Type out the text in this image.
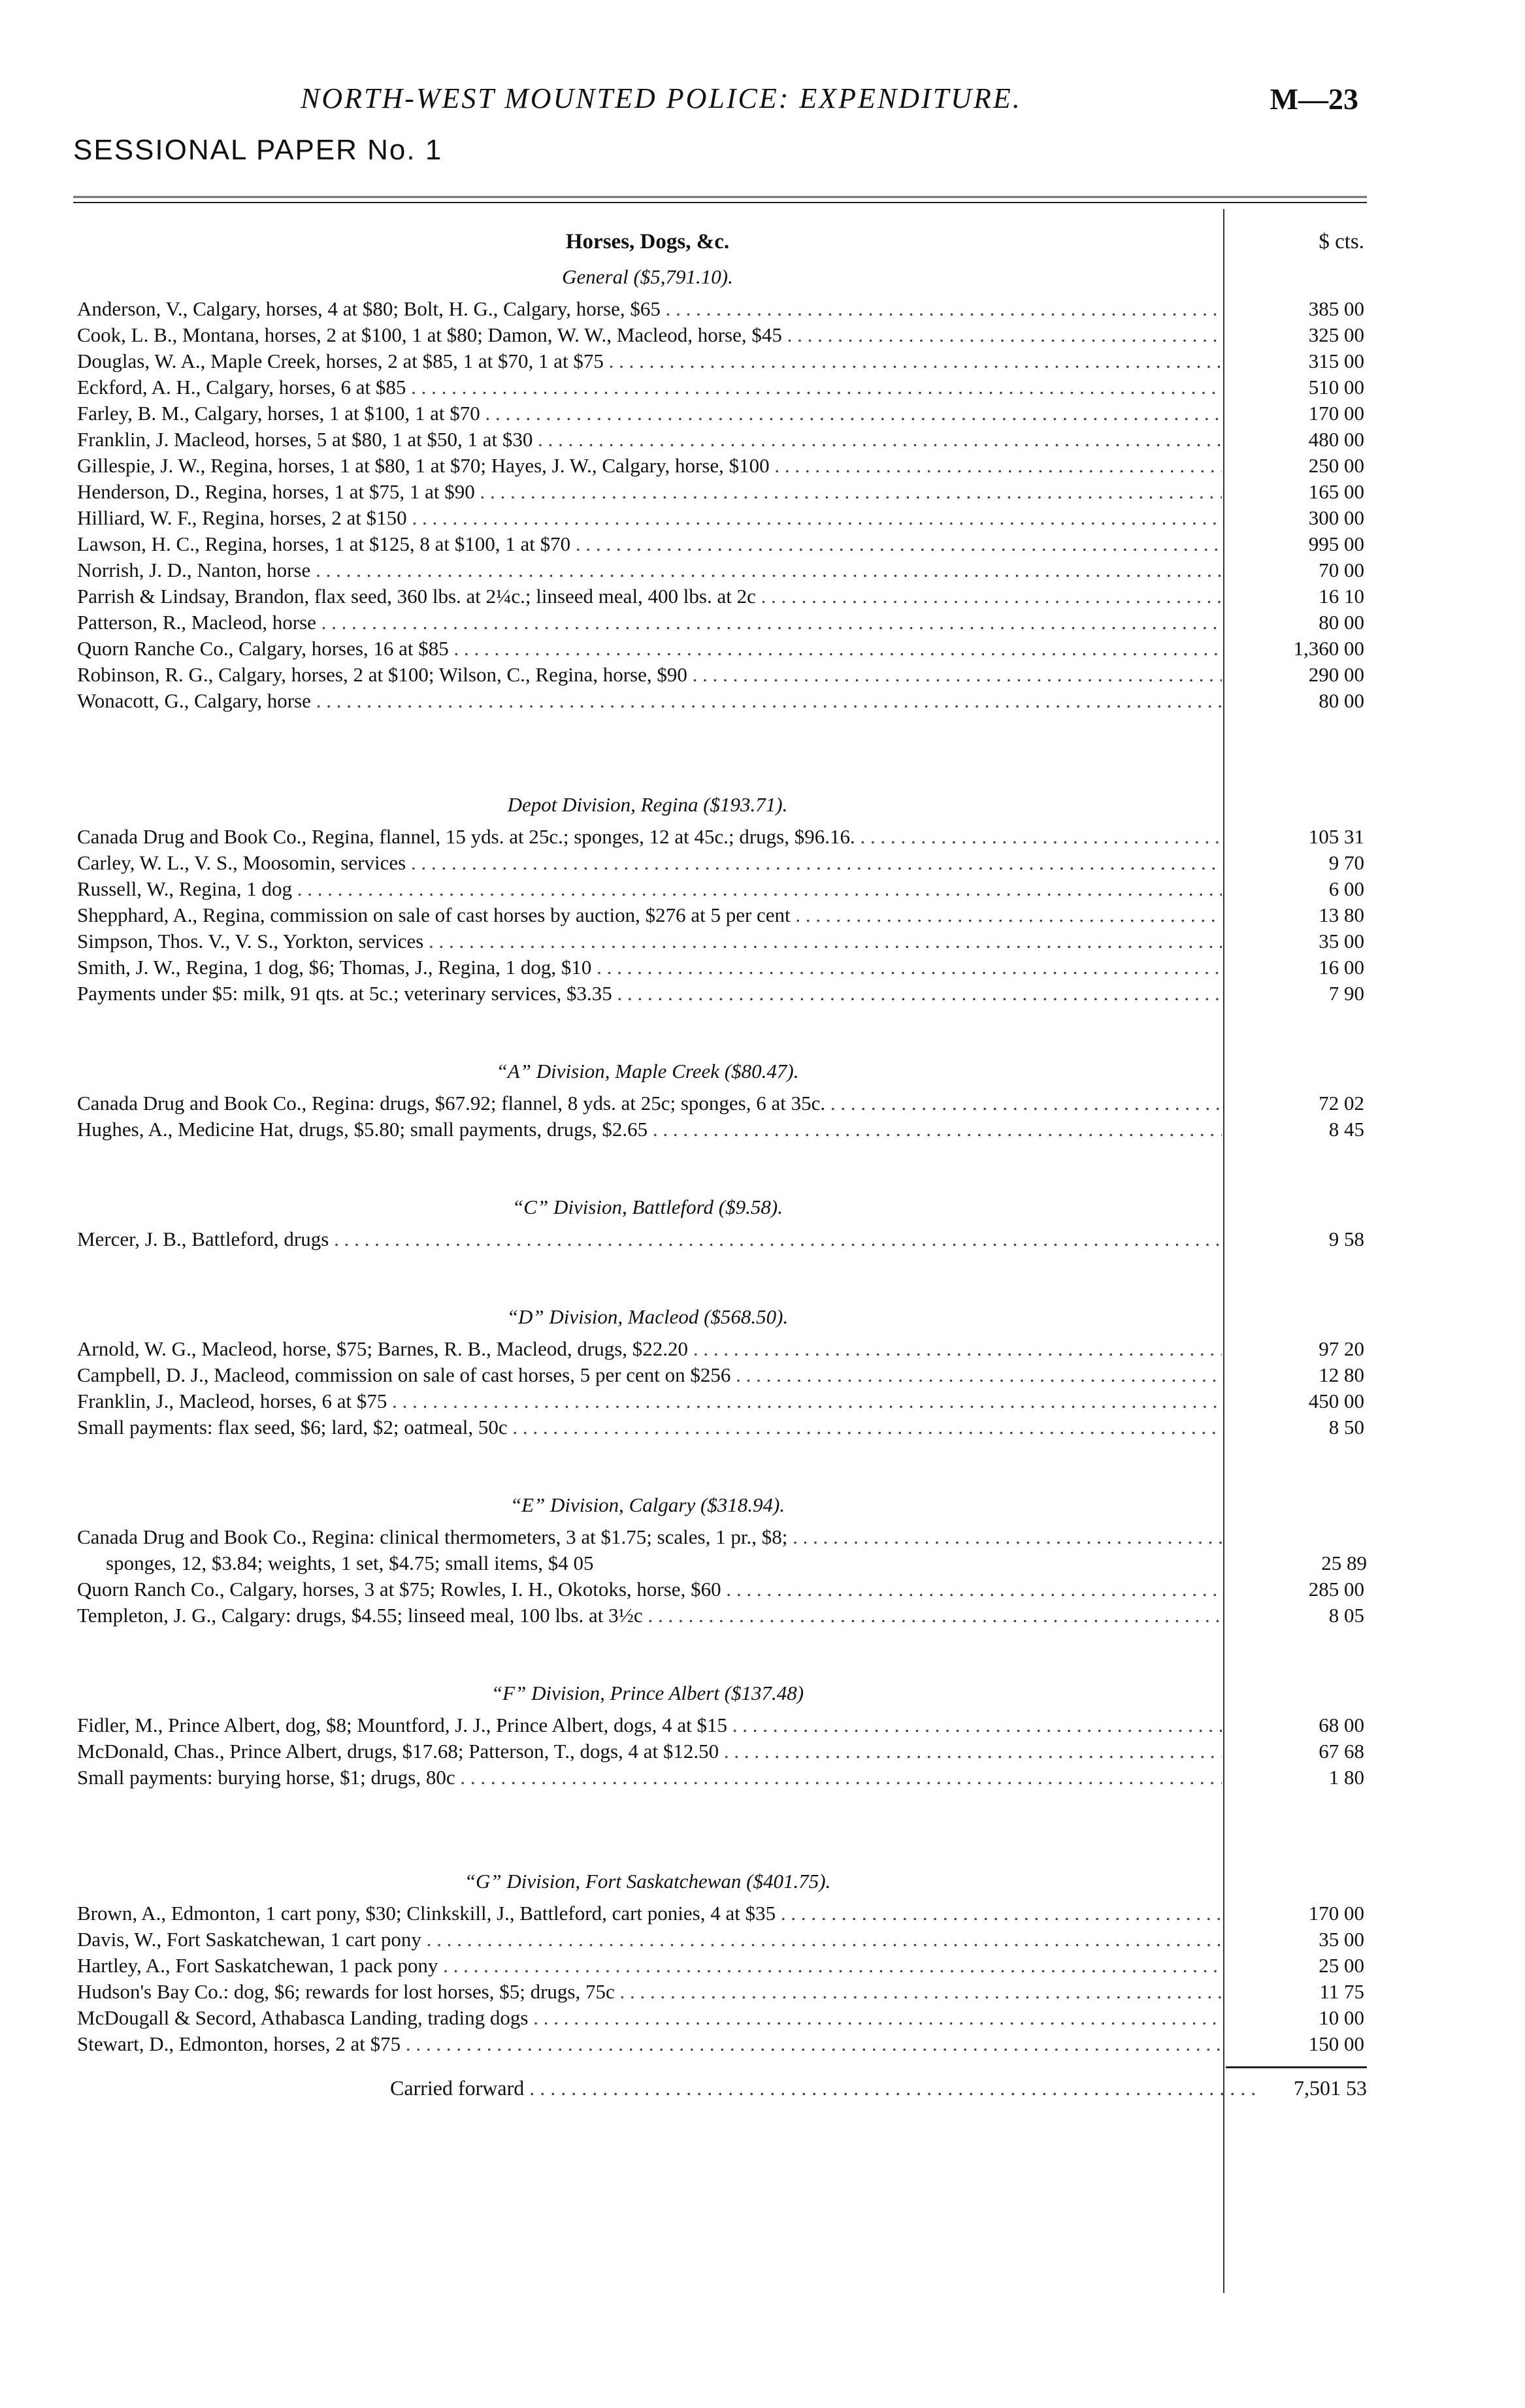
NORTH-WEST MOUNTED POLICE: EXPENDITURE.	M—23
SESSIONAL PAPER No. 1
Horses, Dogs, &c.	$ cts.
General ($5,791.10).
Anderson, V., Calgary, horses, 4 at $80; Bolt, H. G., Calgary, horse, $65 . . .	385 00
Cook, L. B., Montana, horses, 2 at $100, 1 at $80; Damon, W. W., Macleod, horse, $45 . . .	325 00
Douglas, W. A., Maple Creek, horses, 2 at $85, 1 at $70, 1 at $75 . . .	315 00
Eckford, A. H., Calgary, horses, 6 at $85 . . .	510 00
Farley, B. M., Calgary, horses, 1 at $100, 1 at $70 . . .	170 00
Franklin, J. Macleod, horses, 5 at $80, 1 at $50, 1 at $30 . . .	480 00
Gillespie, J. W., Regina, horses, 1 at $80, 1 at $70; Hayes, J. W., Calgary, horse, $100 . . .	250 00
Henderson, D., Regina, horses, 1 at $75, 1 at $90 . . .	165 00
Hilliard, W. F., Regina, horses, 2 at $150 . . .	300 00
Lawson, H. C., Regina, horses, 1 at $125, 8 at $100, 1 at $70 . . .	995 00
Norrish, J. D., Nanton, horse . . .	70 00
Parrish & Lindsay, Brandon, flax seed, 360 lbs. at 2¼c.; linseed meal, 400 lbs. at 2c . . .	16 10
Patterson, R., Macleod, horse . . .	80 00
Quorn Ranche Co., Calgary, horses, 16 at $85 . . .	1,360 00
Robinson, R. G., Calgary, horses, 2 at $100; Wilson, C., Regina, horse, $90 . . .	290 00
Wonacott, G., Calgary, horse . . .	80 00
Depot Division, Regina ($193.71).
Canada Drug and Book Co., Regina, flannel, 15 yds. at 25c.; sponges, 12 at 45c.; drugs, $96.16. . . .	105 31
Carley, W. L., V. S., Moosomin, services . . .	9 70
Russell, W., Regina, 1 dog . . .	6 00
Shepphard, A., Regina, commission on sale of cast horses by auction, $276 at 5 per cent . . .	13 80
Simpson, Thos. V., V. S., Yorkton, services . . .	35 00
Smith, J. W., Regina, 1 dog, $6; Thomas, J., Regina, 1 dog, $10 . . .	16 00
Payments under $5: milk, 91 qts. at 5c.; veterinary services, $3.35 . . .	7 90
“A” Division, Maple Creek ($80.47).
Canada Drug and Book Co., Regina: drugs, $67.92; flannel, 8 yds. at 25c; sponges, 6 at 35c. . . .	72 02
Hughes, A., Medicine Hat, drugs, $5.80; small payments, drugs, $2.65 . . .	8 45
“C” Division, Battleford ($9.58).
Mercer, J. B., Battleford, drugs . . .	9 58
“D” Division, Macleod ($568.50).
Arnold, W. G., Macleod, horse, $75; Barnes, R. B., Macleod, drugs, $22.20 . . .	97 20
Campbell, D. J., Macleod, commission on sale of cast horses, 5 per cent on $256 . . .	12 80
Franklin, J., Macleod, horses, 6 at $75 . . .	450 00
Small payments: flax seed, $6; lard, $2; oatmeal, 50c . . .	8 50
“E” Division, Calgary ($318.94).
Canada Drug and Book Co., Regina: clinical thermometers, 3 at $1.75; scales, 1 pr., $8; . . .
sponges, 12, $3.84; weights, 1 set, $4.75; small items, $4 05	25 89
Quorn Ranch Co., Calgary, horses, 3 at $75; Rowles, I. H., Okotoks, horse, $60 . . .	285 00
Templeton, J. G., Calgary: drugs, $4.55; linseed meal, 100 lbs. at 3½c . . .	8 05
“F” Division, Prince Albert ($137.48)
Fidler, M., Prince Albert, dog, $8; Mountford, J. J., Prince Albert, dogs, 4 at $15 . . .	68 00
McDonald, Chas., Prince Albert, drugs, $17.68; Patterson, T., dogs, 4 at $12.50 . . .	67 68
Small payments: burying horse, $1; drugs, 80c . . .	1 80
“G” Division, Fort Saskatchewan ($401.75).
Brown, A., Edmonton, 1 cart pony, $30; Clinkskill, J., Battleford, cart ponies, 4 at $35 . . .	170 00
Davis, W., Fort Saskatchewan, 1 cart pony . . .	35 00
Hartley, A., Fort Saskatchewan, 1 pack pony . . .	25 00
Hudson's Bay Co.: dog, $6; rewards for lost horses, $5; drugs, 75c . . .	11 75
McDougall & Secord, Athabasca Landing, trading dogs . . .	10 00
Stewart, D., Edmonton, horses, 2 at $75 . . .	150 00
Carried forward . . .	7,501 53
